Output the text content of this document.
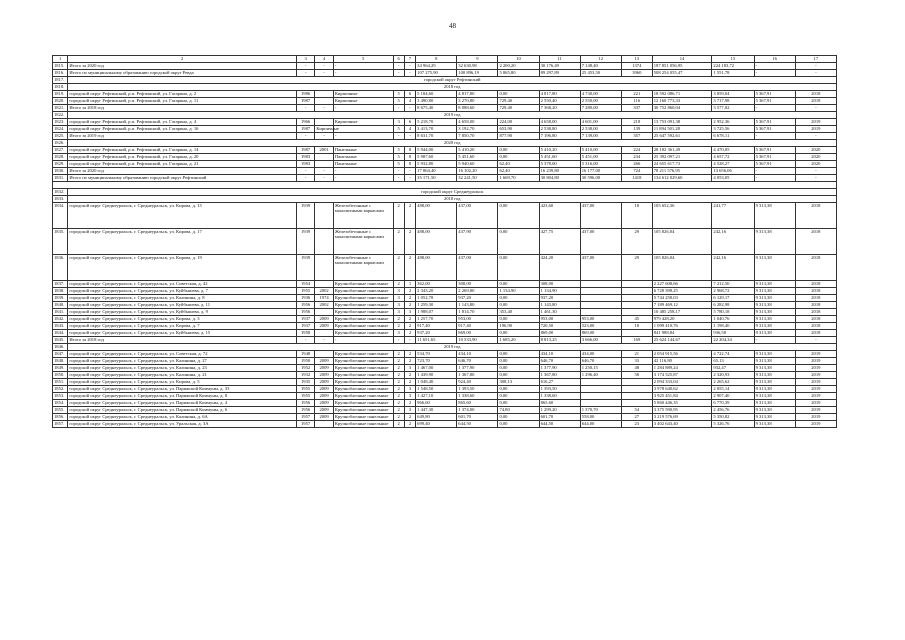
48
1	2	3	4	5	6	7	8	9	10	11	12	13	14	15	16	17
1815.	Итого за 2020 год	-	-	-	-	-	34 964,29	32 630,98	2 200,20	30 176,49	7 148,40	1374	187 851 056,95	224 183,72	-	-
1816.	Итого по муниципальному образованию городской округ Ревда	-	-	-	-	-	107 275,90	100 896,19	5 865,80	89 297,89	25 453,50	3960	508 254 055,47	1 551,78	-	-
1817.	городской округ Рефтинский															
1818.	2018 год															
1819.	городской округ Рефтинский, р.п. Рефтинский, ул. Гагарина, д. 2	1986		Кирпичные	5	6	5 184,60	4 817,80	0,00	4 817,80	4 730,00	221	18 592 086,71	3 859,04	5 367,91	2018
1820.	городской округ Рефтинский, р.п. Рефтинский, ул. Гагарина, д. 11	1987		Кирпичные	5	4	3 490,80	3 270,80	729,40	2 550,40	2 550,00	116	12 160 773,33	3 717,98	5 367,91	2018
1821.	Итого за 2018 год	-	-	-	-	-	8 675,40	8 088,60	729,40	7 368,20	7 280,00	337	30 752 860,04	3 577,02	-	-
1822.	2019 год															
1823.	городской округ Рефтинский, р.п. Рефтинский, ул. Гагарина, д. 4	1966		Кирпичные	3	6	5 218,70	4 658,00	224,00	4 658,00	4 601,00	218	13 753 091,38	2 952,36	5 367,91	2019
1824.	городской округ Рефтинский, р.п. Рефтинский, ул. Гагарина, д. 16	1987	Кирпичные		5	4	3 413,70	3 192,70	653,90	2 538,80	2 538,00	139	11 894 501,28	3 725,56	5 367,91	2019
1825.	Итого за 2019 год	-	-	-	-	-	8 631,70	7 850,70	877,90	7 196,80	7 139,00	357	25 647 592,61	6 678,11	-	-
1826.	2020 год															
1827.	городской округ Рефтинский, р.п. Рефтинский, ул. Гагарина, д. 14	1987	2001	Панельные	5	8	5 944,00	5 410,20	0,00	5 410,20	5 410,00	224	28 182 361,49	4 470,05	5 367,91	2020
1828.	городской округ Рефтинский, р.п. Рефтинский, ул. Гагарина, д. 20	1983		Панельные	5	8	5 987,60	5 451,60	0,00	5 451,60	5 451,00	234	25 392 097,21	4 657,72	5 367,91	2020
1829.	городской округ Рефтинский, р.п. Рефтинский, ул. Гагарина, д. 21	1983		Панельные	5	8	5 932,80	5 940,60	62,40	5 378,00	5 316,00	266	24 655 617,73	4 528,27	5 367,91	2020
1830.	Итого за 2020 год	-	-	-	-	-	17 864,40	16 102,20	62,40	16 239,80	16 177,00	724	78 211 576,95	13 656,06	-	-
1831.	Итого по муниципальному образованию городской округ Рефтинский	-	-	-	-	-	35 171,50	32 241,50	1 669,70	30 804,80	30 596,00	1418	134 612 029,60	4 053,05	-	-

1832.	городской округ Среднеуральск															
1833.	2018 год															
1834.	городской округ Среднеуральск, г. Среднеуральск, ул. Кирова, д. 15	1939		Железобетонные с монолитными каркасами	2	2	488,00	437,00	0,00	423,60	437,00	18	105 652,36	241,77	9 313,38	2018
1835.	городской округ Среднеуральск, г. Среднеуральск, ул. Кирова, д. 17	1939		Железобетонные с монолитными каркасами	2	2	488,00	437,90	0,00	427,75	437,00	29	105 826,04	242,16	9 313,38	2018
1836.	городской округ Среднеуральск, г. Среднеуральск, ул. Кирова, д. 19	1939		Железобетонные с монолитными каркасами	2	2	488,00	437,00	0,00	424,20	437,00	29	105 826,04	242,16	9 313,38	2018
1837.	городской округ Среднеуральск, г. Среднеуральск, ул. Советская, д. 42	1954		Крупноблочные панельные	2	1	362,00	308,00	0,00	308,00			2 227 608,66	7 212,50	9 313,38	2018
1838.	городской округ Среднеуральск, г. Среднеуральск, ул. Куйбышева, д. 7	1955	2002	Крупноблочные панельные	3	2	2 343,20	2 269,80	1 134,90	1 134,90			6 728 398,25	2 968,72	9 313,38	2018
1839.	городской округ Среднеуральск, г. Среднеуральск, ул. Калинина, д. 8	1936	1974	Крупноблочные панельные	3	2	1 052,78	937,20	0,00	937,20			5 744 258,03	6 129,17	9 313,38	2018
1840.	городской округ Среднеуральск, г. Среднеуральск, ул. Куйбышева, д. 11	1956	2002	Крупноблочные панельные	3	2	1 259,30	1 143,80	0,00	1 143,80			7 189 469,12	6 282,98	9 313,38	2018
1841.	городской округ Среднеуральск, г. Среднеуральск, ул. Куйбышева, д. 9	1956		Крупноблочные панельные	3	3	1 988,07	1 814,70	353,40	1 461,30			10 485 258,17	5 780,18	9 313,38	2018
1842.	городской округ Среднеуральск, г. Среднеуральск, ул. Кирова, д. 3	1937	2009	Крупноблочные панельные	2	2	1 257,70	953,00	0,00	953,00	953,00	45	979 428,20	1 040,76	9 313,38	2018
1843.	городской округ Среднеуральск, г. Среднеуральск, ул. Кирова, д. 7	1937	2009	Крупноблочные панельные	2	2	917,40	917,40	196,90	720,50	523,00	18	1 099 410,76	1 198,40	9 313,38	2018
1844.	городской округ Среднеуральск, г. Среднеуральск, ул. Куйбышева, д. 15	1958		Крупноблочные панельные	3	2	937,20	869,00	0,00	869,00	869,00		841 988,84	936,58	9 313,38	2018
1845.	Итого за 2018 год	-	-	-	-	-	11 651,65	10 533,90	1 685,20	8 813,25	3 666,00	169	25 624 144,67	22 204,34	-	-
1846.	2019 год															
1847.	городской округ Среднеуральск, г. Среднеуральск, ул. Советская, д. 72	1948		Крупноблочные панельные	2	2	534,70	434,10	0,00	434,10	434,00	21	2 054 915,56	4 722,74	9 313,38	2019
1848.	городской округ Среднеуральск, г. Среднеуральск, ул. Калинина, д. 27	1950	2009	Крупноблочные панельные	2	2	723,70	646,70	0,00	646,70	646,70	33	42 116,80	65,13	9 313,38	2019
1849.	городской округ Среднеуральск, г. Среднеуральск, ул. Калинина, д. 23	1952	2009	Крупноблочные панельные	2	3	1 467,00	1 377,90	0,00	1 377,90	1 250,15	48	1 284 889,24	932,47	9 313,38	2019
1850.	городской округ Среднеуральск, г. Среднеуральск, ул. Калинина, д. 21	1932	2009	Крупноблочные панельные	2	2	1 439,90	1 367,80	0,00	1 367,80	1 296,40	58	3 174 525,87	2 320,93	9 313,38	2019
1851.	городской округ Среднеуральск, г. Среднеуральск, ул. Кирова, д. 5	1935	2009	Крупноблочные панельные	2	2	1 048,40	924,40	308,13	616,27			2 094 333,04	2 265,62	9 313,38	2019
1852.	городской округ Среднеуральск, г. Среднеуральск, ул. Парижской Коммуны, д. 33	1955	2009	Крупноблочные панельные	2	3	1 548,50	1 393,50	0,00	1 393,50			3 978 640,62	2 855,14	9 313,38	2019
1853.	городской округ Среднеуральск, г. Среднеуральск, ул. Парижской Коммуны, д. 8	1955	2009	Крупноблочные панельные	2	3	1 427,10	1 338,60	0,00	1 338,60			3 925 451,84	2 907,40	9 313,38	2019
1854.	городской округ Среднеуральск, г. Среднеуральск, ул. Парижской Коммуны, д. 4	1956	2009	Крупноблочные панельные	2	2	966,60	865,60	0,00	865,60			5 860 446,35	6 770,39	9 313,38	2019
1855.	городской округ Среднеуральск, г. Среднеуральск, ул. Парижской Коммуны, д. 6	1956	2009	Крупноблочные панельные	2	3	1 447,30	1 374,00	74,80	1 299,20	1 370,70	54	3 375 590,95	2 456,76	9 313,38	2019
1856.	городской округ Среднеуральск, г. Среднеуральск, ул. Калинина, д. 6А	1957	2009	Крупноблочные панельные	2	2	649,80	601,70	0,00	601,70	558,00	27	3 219 576,69	5 350,82	9 313,38	2019
1857.	городской округ Среднеуральск, г. Среднеуральск, ул. Уральская, д. 3А	1957		Крупноблочные панельные	2	2	699,40	644,50	0,00	644,50	644,00	23	3 402 643,40	5 326,76	9 313,38	2019
